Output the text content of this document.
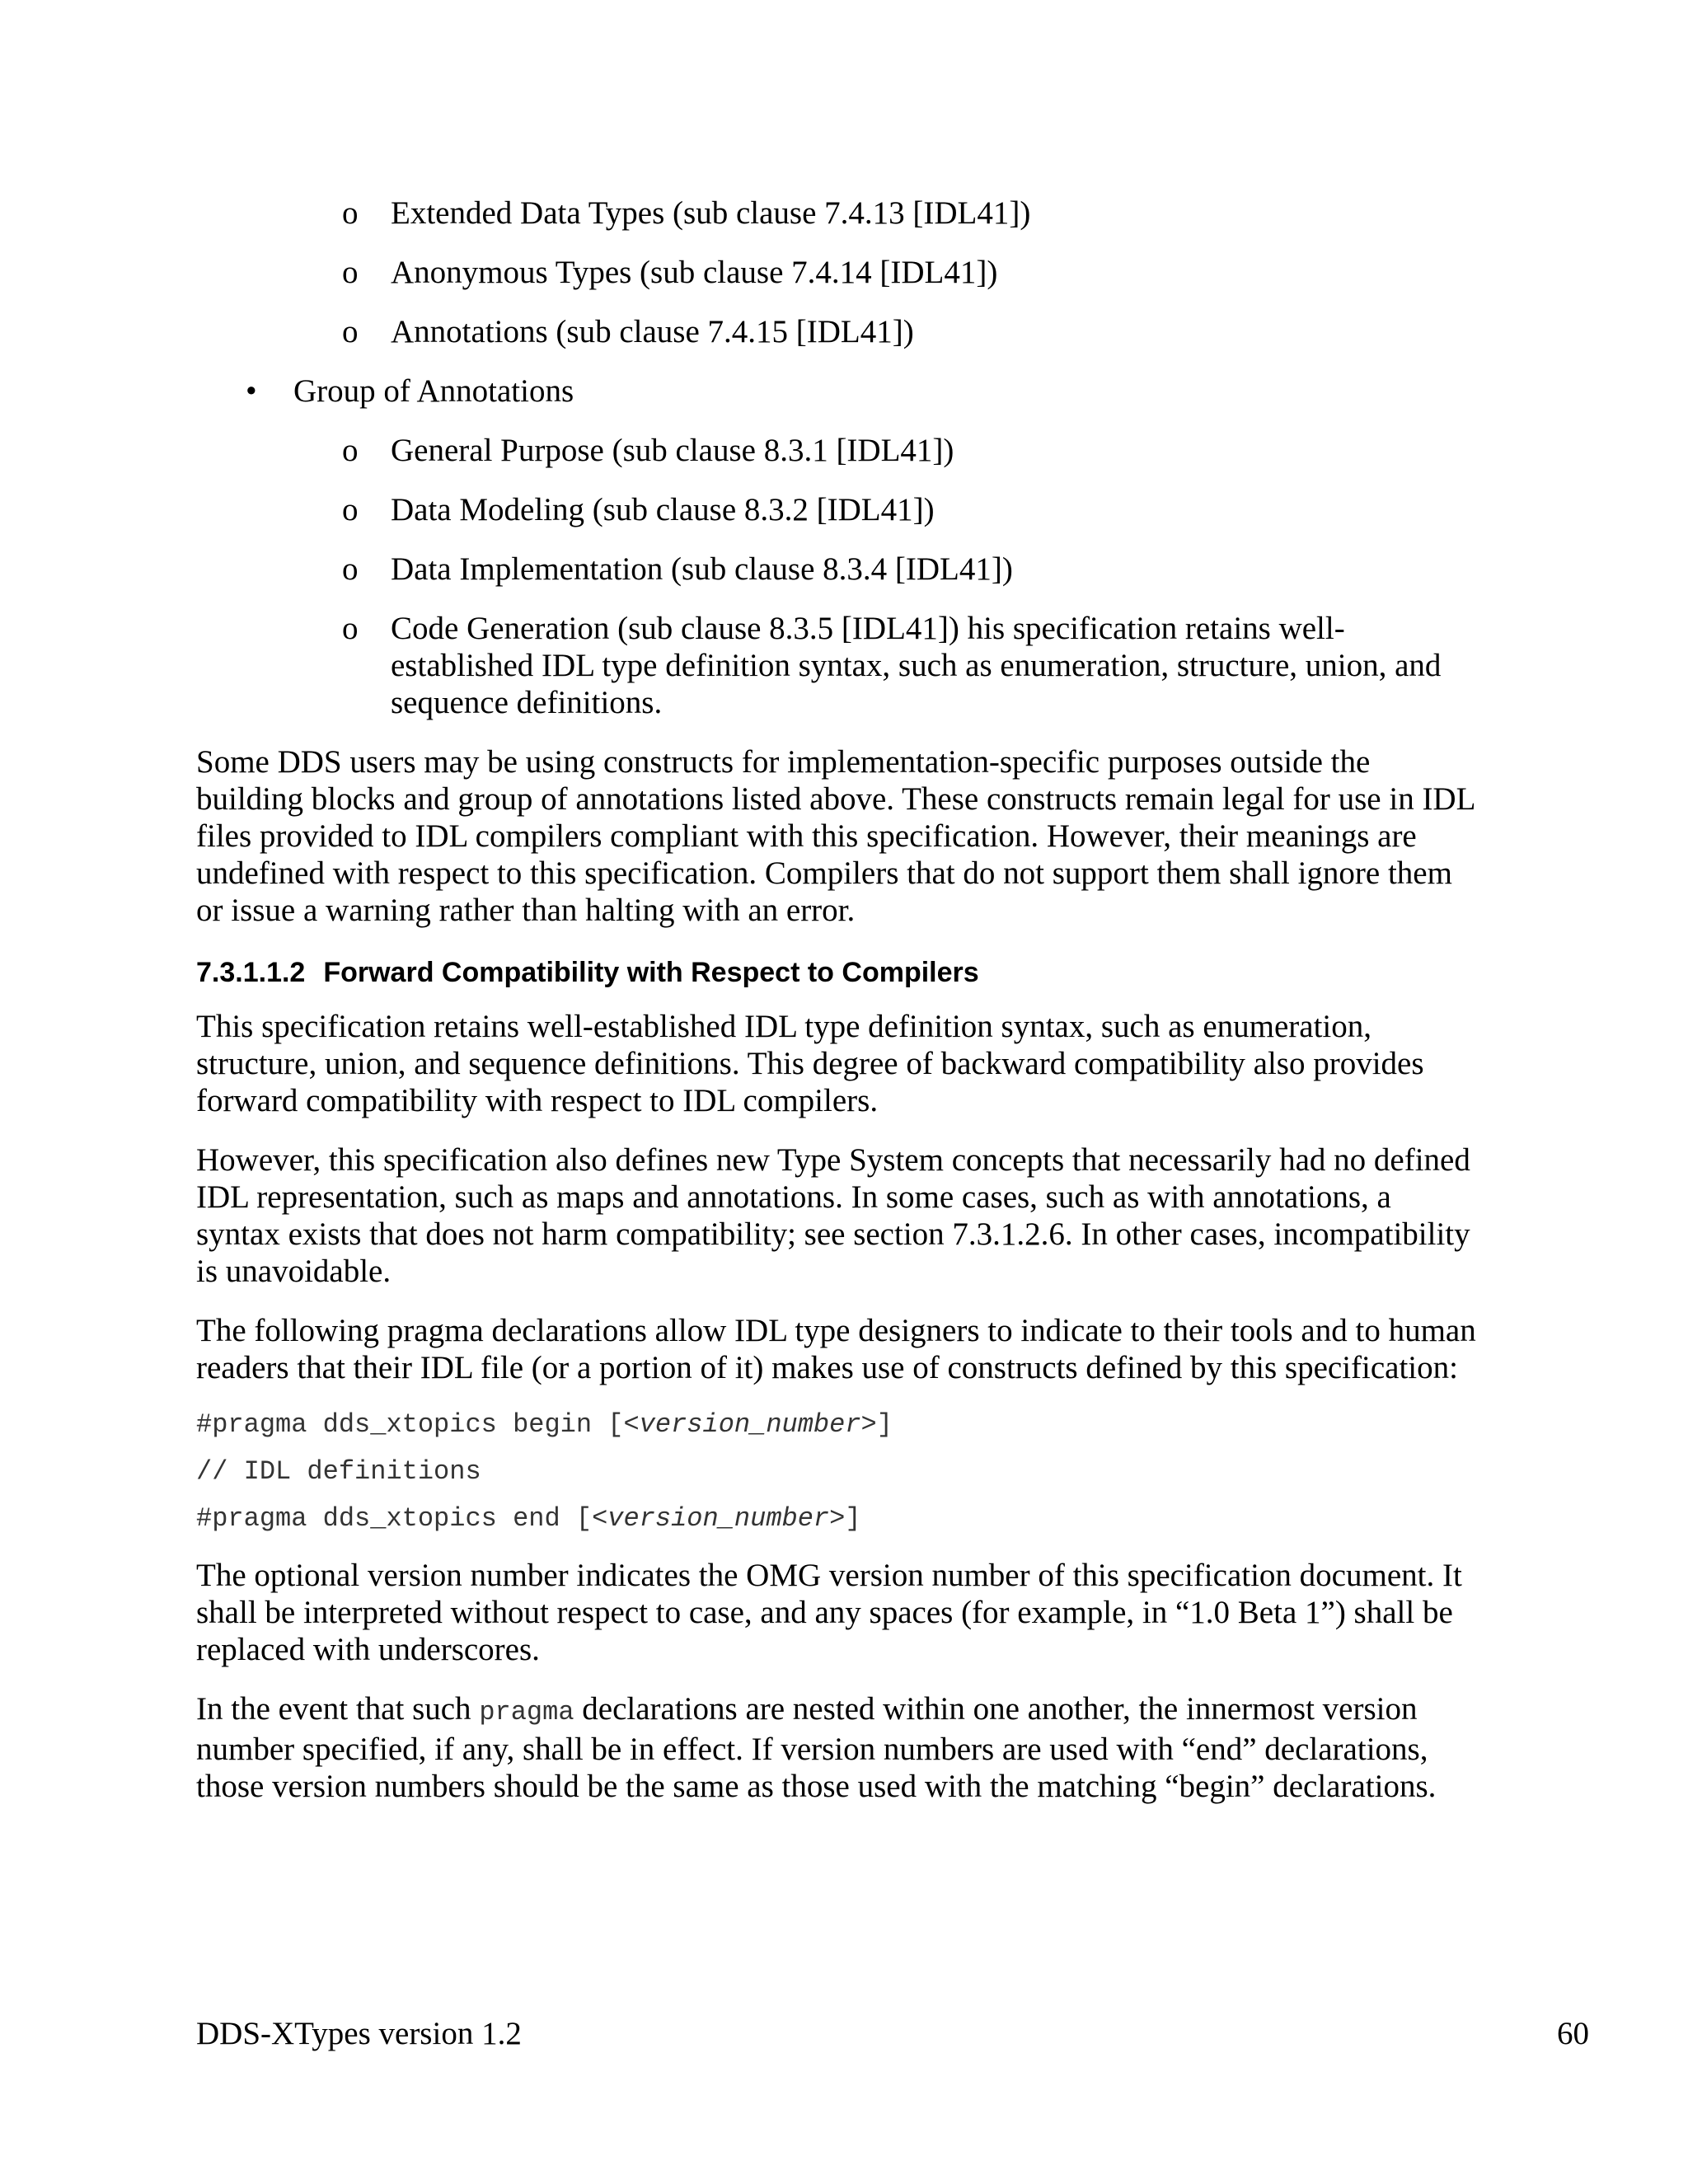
o Extended Data Types (sub clause 7.4.13 [IDL41])
o Anonymous Types (sub clause 7.4.14 [IDL41])
o Annotations (sub clause 7.4.15 [IDL41])
• Group of Annotations
o General Purpose (sub clause 8.3.1 [IDL41])
o Data Modeling (sub clause 8.3.2 [IDL41])
o Data Implementation (sub clause 8.3.4 [IDL41])
o Code Generation (sub clause 8.3.5 [IDL41]) his specification retains well-established IDL type definition syntax, such as enumeration, structure, union, and sequence definitions.

Some DDS users may be using constructs for implementation-specific purposes outside the building blocks and group of annotations listed above. These constructs remain legal for use in IDL files provided to IDL compilers compliant with this specification. However, their meanings are undefined with respect to this specification. Compilers that do not support them shall ignore them or issue a warning rather than halting with an error.

7.3.1.1.2 Forward Compatibility with Respect to Compilers

This specification retains well-established IDL type definition syntax, such as enumeration, structure, union, and sequence definitions. This degree of backward compatibility also provides forward compatibility with respect to IDL compilers.

However, this specification also defines new Type System concepts that necessarily had no defined IDL representation, such as maps and annotations. In some cases, such as with annotations, a syntax exists that does not harm compatibility; see section 7.3.1.2.6. In other cases, incompatibility is unavoidable.

The following pragma declarations allow IDL type designers to indicate to their tools and to human readers that their IDL file (or a portion of it) makes use of constructs defined by this specification:

#pragma dds_xtopics begin [<version_number>]
// IDL definitions
#pragma dds_xtopics end [<version_number>]

The optional version number indicates the OMG version number of this specification document. It shall be interpreted without respect to case, and any spaces (for example, in “1.0 Beta 1”) shall be replaced with underscores.

In the event that such pragma declarations are nested within one another, the innermost version number specified, if any, shall be in effect. If version numbers are used with “end” declarations, those version numbers should be the same as those used with the matching “begin” declarations.

DDS-XTypes version 1.2	60
